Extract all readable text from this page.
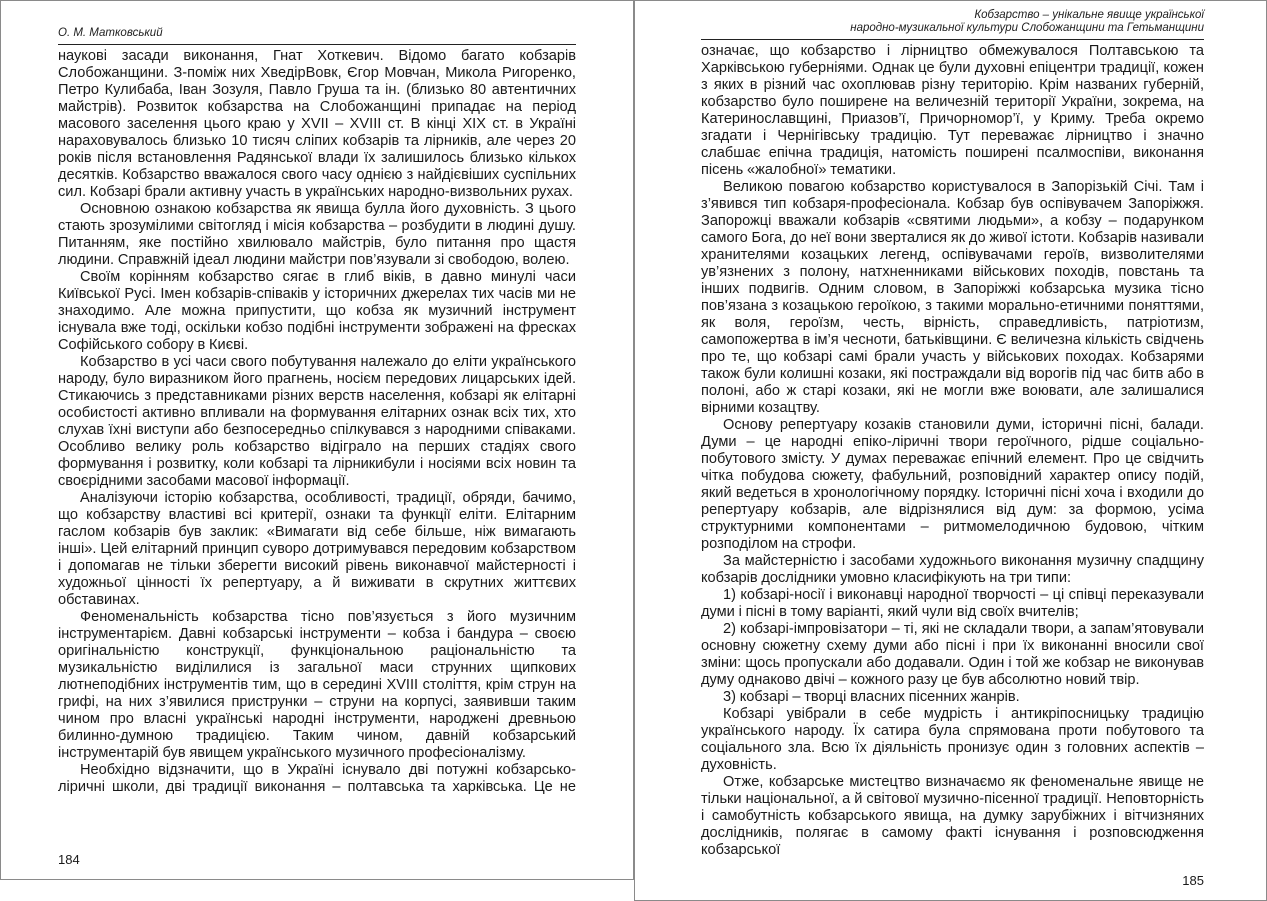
О. М. Матковський

наукові засади виконання, Гнат Хоткевич. Відомо багато кобзарів Слобожанщини. З-поміж них ХведірВовк, Єгор Мовчан, Микола Ригоренко, Петро Кулибаба, Іван Зозуля, Павло Груша та ін. (близько 80 автентичних майстрів). Розвиток кобзарства на Слобожанщині припадає на період масового заселення цього краю у XVII – XVIII ст. В кінці XIX ст. в Україні нараховувалось близько 10 тисяч сліпих кобзарів та лірників, але через 20 років після встановлення Радянської влади їх залишилось близько кількох десятків. Кобзарство вважалося свого часу однією з найдієвіших суспільних сил. Кобзарі брали активну участь в українських народно-визвольних рухах.

Основною ознакою кобзарства як явища булла його духовність. З цього стають зрозумілими світогляд і місія кобзарства – розбудити в людині душу. Питанням, яке постійно хвилювало майстрів, було питання про щастя людини. Справжній ідеал людини майстри пов’язували зі свободою, волею.

Своїм корінням кобзарство сягає в глиб віків, в давно минулі часи Київської Русі. Імен кобзарів-співаків у історичних джерелах тих часів ми не знаходимо. Але можна припустити, що кобза як музичний інструмент існувала вже тоді, оскільки кобзо подібні інструменти зображені на фресках Софійського собору в Києві.

Кобзарство в усі часи свого побутування належало до еліти українського народу, було виразником його прагнень, носієм передових лицарських ідей. Стикаючись з представниками різних верств населення, кобзарі як елітарні особистості активно впливали на формування елітарних ознак всіх тих, хто слухав їхні виступи або безпосередньо спілкувався з народними співаками. Особливо велику роль кобзарство відіграло на перших стадіях свого формування і розвитку, коли кобзарі та лірникибули і носіями всіх новин та своєрідними засобами масової інформації.

Аналізуючи історію кобзарства, особливості, традиції, обряди, бачимо, що кобзарству властиві всі критерії, ознаки та функції еліти. Елітарним гаслом кобзарів був заклик: «Вимагати від себе більше, ніж вимагають інші». Цей елітарний принцип суворо дотримувався передовим кобзарством і допомагав не тільки зберегти високий рівень виконавчої майстерності і художньої цінності їх репертуару, а й виживати в скрутних життєвих обставинах.

Феноменальність кобзарства тісно пов’язується з його музичним інструментарієм. Давні кобзарські інструменти – кобза і бандура – своєю оригінальністю конструкції, функціональною раціональністю та музикальністю виділилися із загальної маси струнних щипкових лютнеподібних інструментів тим, що в середині XVIII століття, крім струн на грифі, на них з’явилися приструнки – струни на корпусі, заявивши таким чином про власні українські народні інструменти, народжені древньою билинно-думною традицією. Таким чином, давній кобзарський інструментарій був явищем українського музичного професіоналізму.

Необхідно відзначити, що в Україні існувало дві потужні кобзарсько-ліричні школи, дві традиції виконання – полтавська та харківська. Це не

184
Кобзарство – унікальне явище української
народно-музикальної культури Слобожанщини та Гетьманщини

означає, що кобзарство і лірництво обмежувалося Полтавською та Харківською губерніями. Однак це були духовні епіцентри традиції, кожен з яких в різний час охоплював різну територію. Крім названих губерній, кобзарство було поширене на величезній території України, зокрема, на Катеринославщині, Приазов’ї, Причорномор’ї, у Криму. Треба окремо згадати і Чернігівську традицію. Тут переважає лірництво і значно слабшає епічна традиція, натомість поширені псалмоспіви, виконання пісень «жалобної» тематики.

Великою повагою кобзарство користувалося в Запорізькій Січі. Там і з’явився тип кобзаря-професіонала. Кобзар був оспівувачем Запоріжжя. Запорожці вважали кобзарів «святими людьми», а кобзу – подарунком самого Бога, до неї вони зверталися як до живої істоти. Кобзарів називали хранителями козацьких легенд, оспівувачами героїв, визволителями ув’язнених з полону, натхненниками військових походів, повстань та інших подвигів. Одним словом, в Запоріжжі кобзарська музика тісно пов’язана з козацькою героїкою, з такими морально-етичними поняттями, як воля, героїзм, честь, вірність, справедливість, патріотизм, самопожертва в ім’я чесноти, батьківщини. Є величезна кількість свідчень про те, що кобзарі самі брали участь у військових походах. Кобзарями також були колишні козаки, які постраждали від ворогів під час битв або в полоні, або ж старі козаки, які не могли вже воювати, але залишалися вірними козацтву.

Основу репертуару козаків становили думи, історичні пісні, балади. Думи – це народні епіко-ліричні твори героїчного, рідше соціально-побутового змісту. У думах переважає епічний елемент. Про це свідчить чітка побудова сюжету, фабульний, розповідний характер опису подій, який ведеться в хронологічному порядку. Історичні пісні хоча і входили до репертуару кобзарів, але відрізнялися від дум: за формою, усіма структурними компонентами – ритмомелодичною будовою, чітким розподілом на строфи.

За майстерністю і засобами художнього виконання музичну спадщину кобзарів дослідники умовно класифікують на три типи:

1) кобзарі-носії і виконавці народної творчості – ці співці переказували думи і пісні в тому варіанті, який чули від своїх вчителів;

2) кобзарі-імпровізатори – ті, які не складали твори, а запам’ятовували основну сюжетну схему думи або пісні і при їх виконанні вносили свої зміни: щось пропускали або додавали. Один і той же кобзар не виконував думу однаково двічі – кожного разу це був абсолютно новий твір.

3) кобзарі – творці власних пісенних жанрів.

Кобзарі увібрали в себе мудрість і антикріпосницьку традицію українського народу. Їх сатира була спрямована проти побутового та соціального зла. Всю їх діяльність пронизує один з головних аспектів – духовність.

Отже, кобзарське мистецтво визначаємо як феноменальне явище не тільки національної, а й світової музично-пісенної традиції. Неповторність і самобутність кобзарського явища, на думку зарубіжних і вітчизняних дослідників, полягає в самому факті існування і розповсюдження кобзарської

185
